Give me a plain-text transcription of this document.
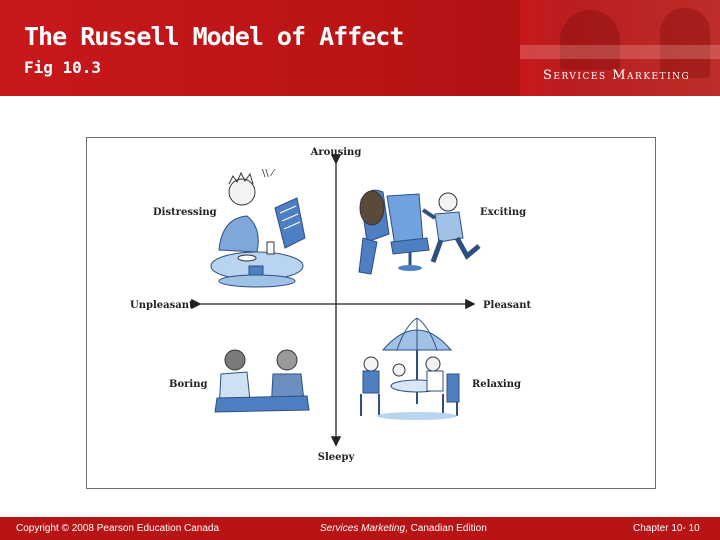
The Russell Model of Affect
Fig 10.3	Services Marketing
Arousing
Sleepy
Unpleasant	Pleasant
Distressing	Exciting
Boring	Relaxing
\\ ⁄
Copyright © 2008 Pearson Education Canada	Services Marketing, Canadian Edition	Chapter 10- 10
